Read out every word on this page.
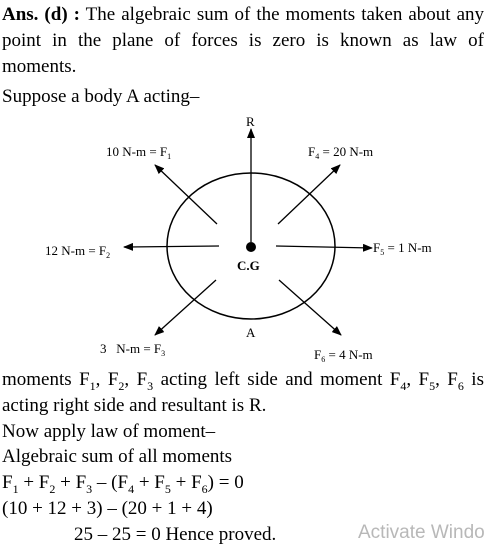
Ans. (d) : The algebraic sum of the moments taken about any point in the plane of forces is zero is known as law of moments.

Suppose a body A acting–

R
10 $N-m = F_1$	$F_4 = 20$ N-m
12 $N-m = F_2$
$F_5 = 1$ N-m
3   $N-m = F_3$	$F_6 = 4$ N-m
C.G
A

moments $F_1$, $F_2$, $F_3$ acting left side and moment $F_4$, $F_5$, $F_6$ is acting right side and resultant is R.

Now apply law of moment–

Algebraic sum of all moments

$F_1 + F_2 + F_3 - (F_4 + F_5 + F_6) = 0$

(10 + 12 + 3) – (20 + 1 + 4)

25 – 25 = 0 Hence proved.	Activate Windo
